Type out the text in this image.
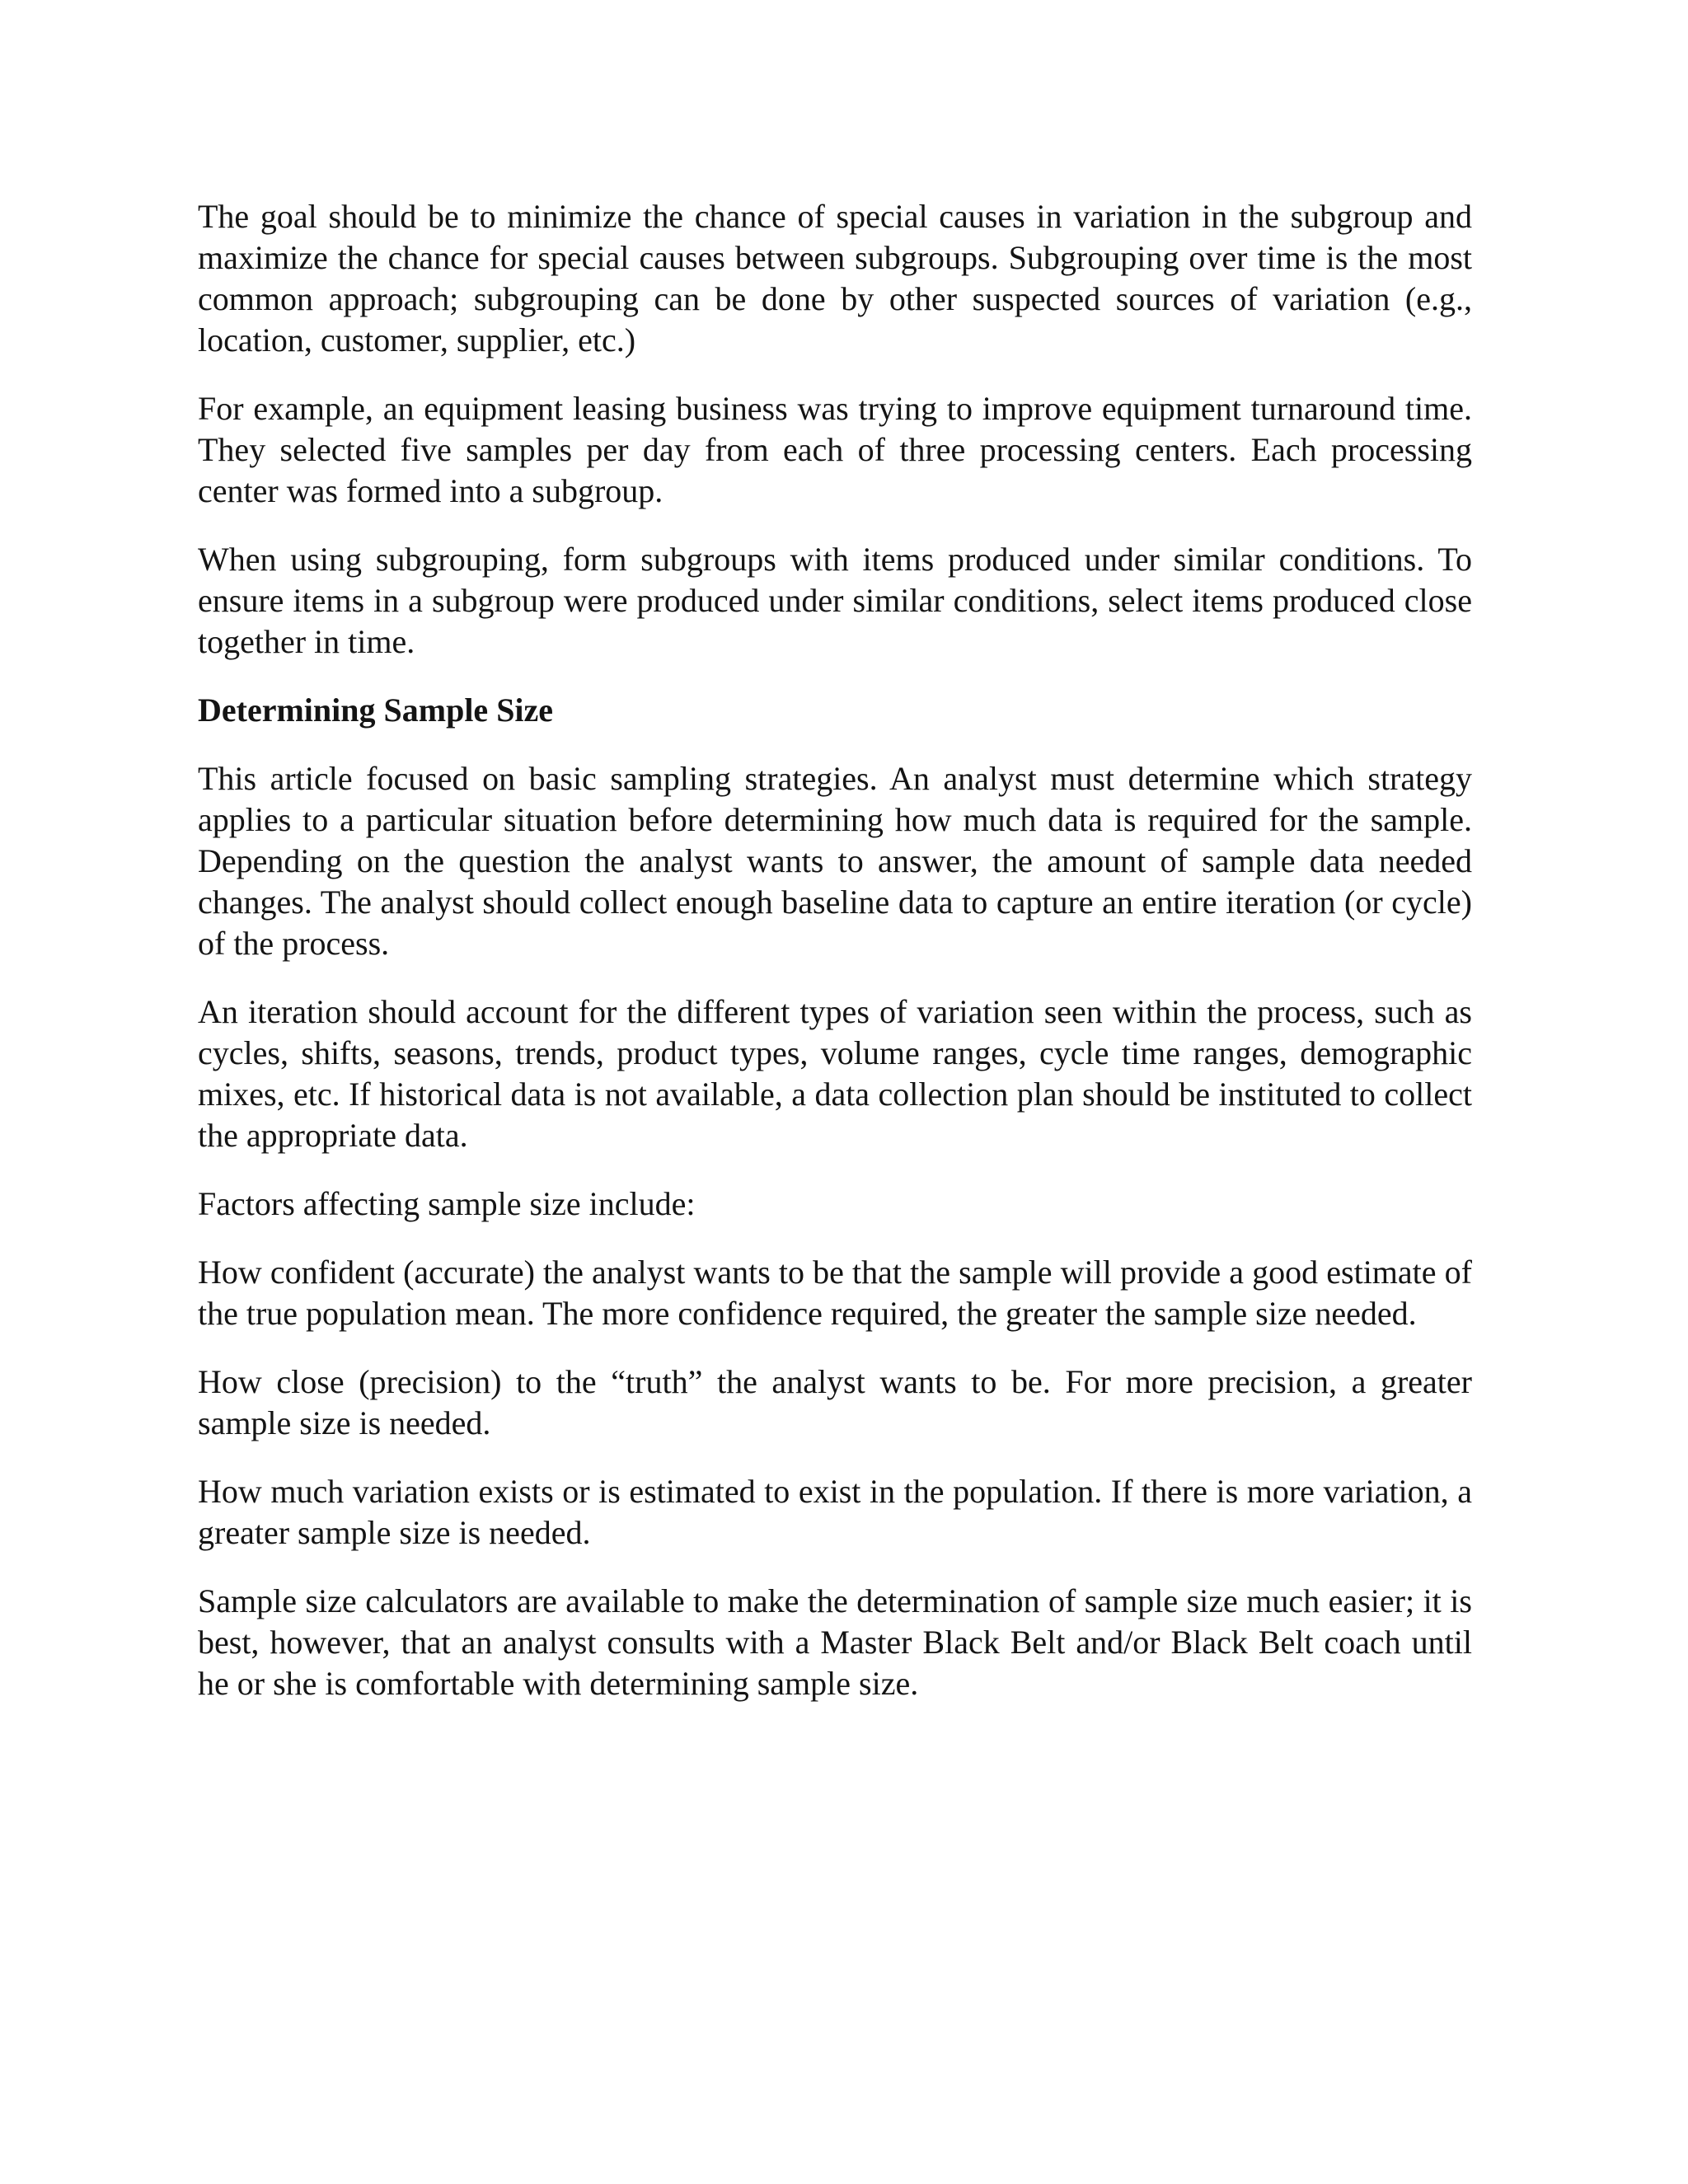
The goal should be to minimize the chance of special causes in variation in the subgroup and maximize the chance for special causes between subgroups. Subgrouping over time is the most common approach; subgrouping can be done by other suspected sources of variation (e.g., location, customer, supplier, etc.)

For example, an equipment leasing business was trying to improve equipment turnaround time. They selected five samples per day from each of three processing centers. Each processing center was formed into a subgroup.

When using subgrouping, form subgroups with items produced under similar conditions. To ensure items in a subgroup were produced under similar conditions, select items produced close together in time.

Determining Sample Size

This article focused on basic sampling strategies. An analyst must determine which strategy applies to a particular situation before determining how much data is required for the sample. Depending on the question the analyst wants to answer, the amount of sample data needed changes. The analyst should collect enough baseline data to capture an entire iteration (or cycle) of the process.

An iteration should account for the different types of variation seen within the process, such as cycles, shifts, seasons, trends, product types, volume ranges, cycle time ranges, demographic mixes, etc. If historical data is not available, a data collection plan should be instituted to collect the appropriate data.

Factors affecting sample size include:

How confident (accurate) the analyst wants to be that the sample will provide a good estimate of the true population mean. The more confidence required, the greater the sample size needed.

How close (precision) to the “truth” the analyst wants to be. For more precision, a greater sample size is needed.

How much variation exists or is estimated to exist in the population. If there is more variation, a greater sample size is needed.

Sample size calculators are available to make the determination of sample size much easier; it is best, however, that an analyst consults with a Master Black Belt and/or Black Belt coach until he or she is comfortable with determining sample size.
